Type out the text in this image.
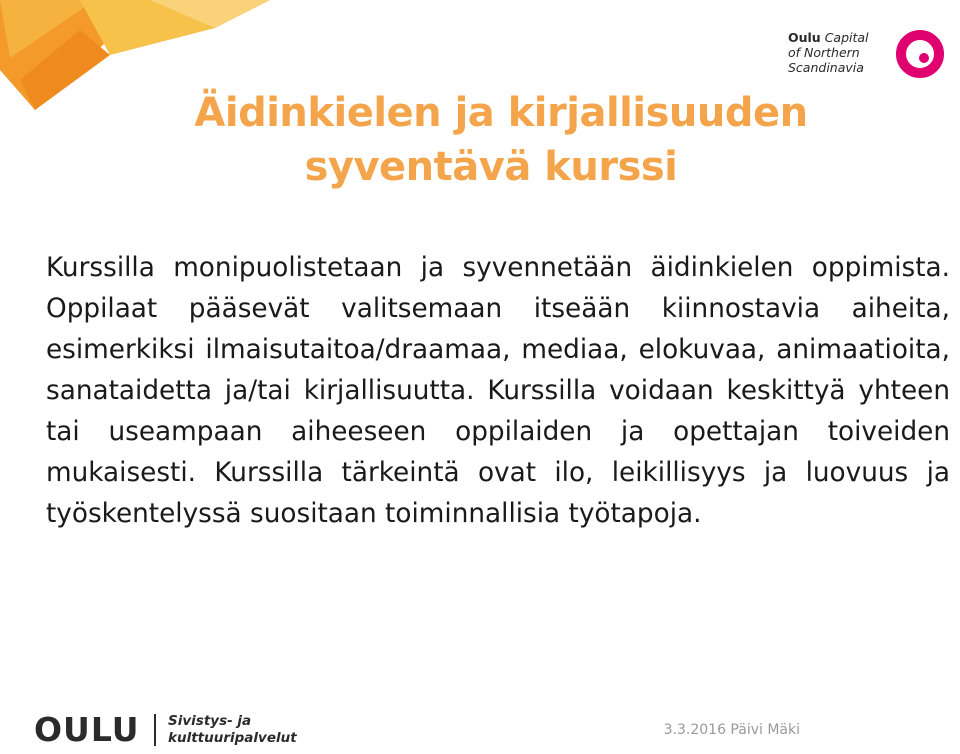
Oulu Capital
of Northern
Scandinavia
Äidinkielen ja kirjallisuuden
syventävä kurssi

Kurssilla monipuolistetaan ja syvennetään äidinkielen oppimista. Oppilaat pääsevät valitsemaan itseään kiinnostavia aiheita, esimerkiksi ilmaisutaitoa/draamaa, mediaa, elokuvaa, animaatioita, sanataidetta ja/tai kirjallisuutta. Kurssilla voidaan keskittyä yhteen tai useampaan aiheeseen oppilaiden ja opettajan toiveiden mukaisesti. Kurssilla tärkeintä ovat ilo, leikillisyys ja luovuus ja työskentelyssä suositaan toiminnallisia työtapoja.

OULU Sivistys- ja
kulttuuripalvelut	3.3.2016 Päivi Mäki
